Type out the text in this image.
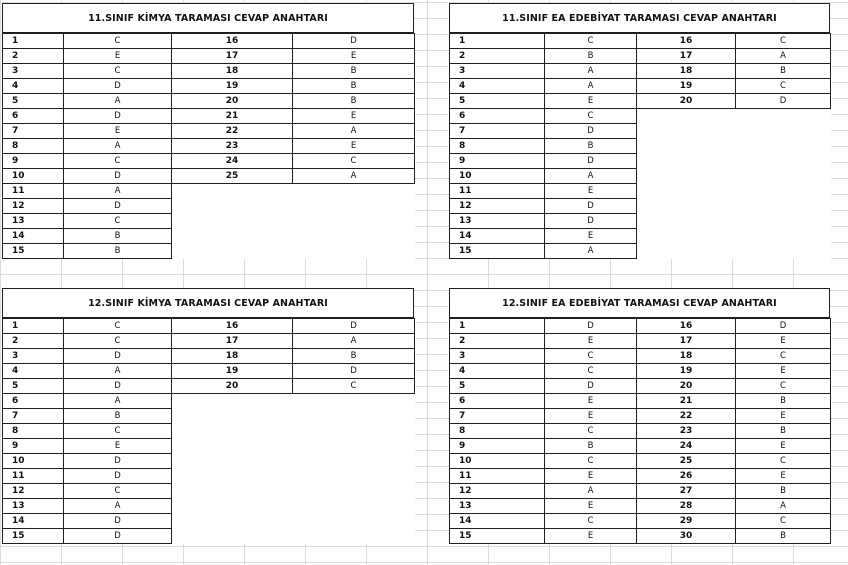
11.SINIF KİMYA TARAMASI CEVAP ANAHTARI
1	C	16	D
2	E	17	E
3	C	18	B
4	D	19	B
5	A	20	B
6	D	21	E
7	E	22	A
8	A	23	E
9	C	24	C
10	D	25	A
11	A		
12	D		
13	C		
14	B		
15	B		
11.SINIF EA EDEBİYAT TARAMASI CEVAP ANAHTARI
1	C	16	C
2	B	17	A
3	A	18	B
4	A	19	C
5	E	20	D
6	C		
7	D		
8	B		
9	D		
10	A		
11	E		
12	D		
13	D		
14	E		
15	A		
12.SINIF KİMYA TARAMASI CEVAP ANAHTARI
1	C	16	D
2	C	17	A
3	D	18	B
4	A	19	D
5	D	20	C
6	A		
7	B		
8	C		
9	E		
10	D		
11	D		
12	C		
13	A		
14	D		
15	D		
12.SINIF EA EDEBİYAT TARAMASI CEVAP ANAHTARI
1	D	16	D
2	E	17	E
3	C	18	C
4	C	19	E
5	D	20	C
6	E	21	B
7	E	22	E
8	C	23	B
9	B	24	E
10	C	25	C
11	E	26	E
12	A	27	B
13	E	28	A
14	C	29	C
15	E	30	B
